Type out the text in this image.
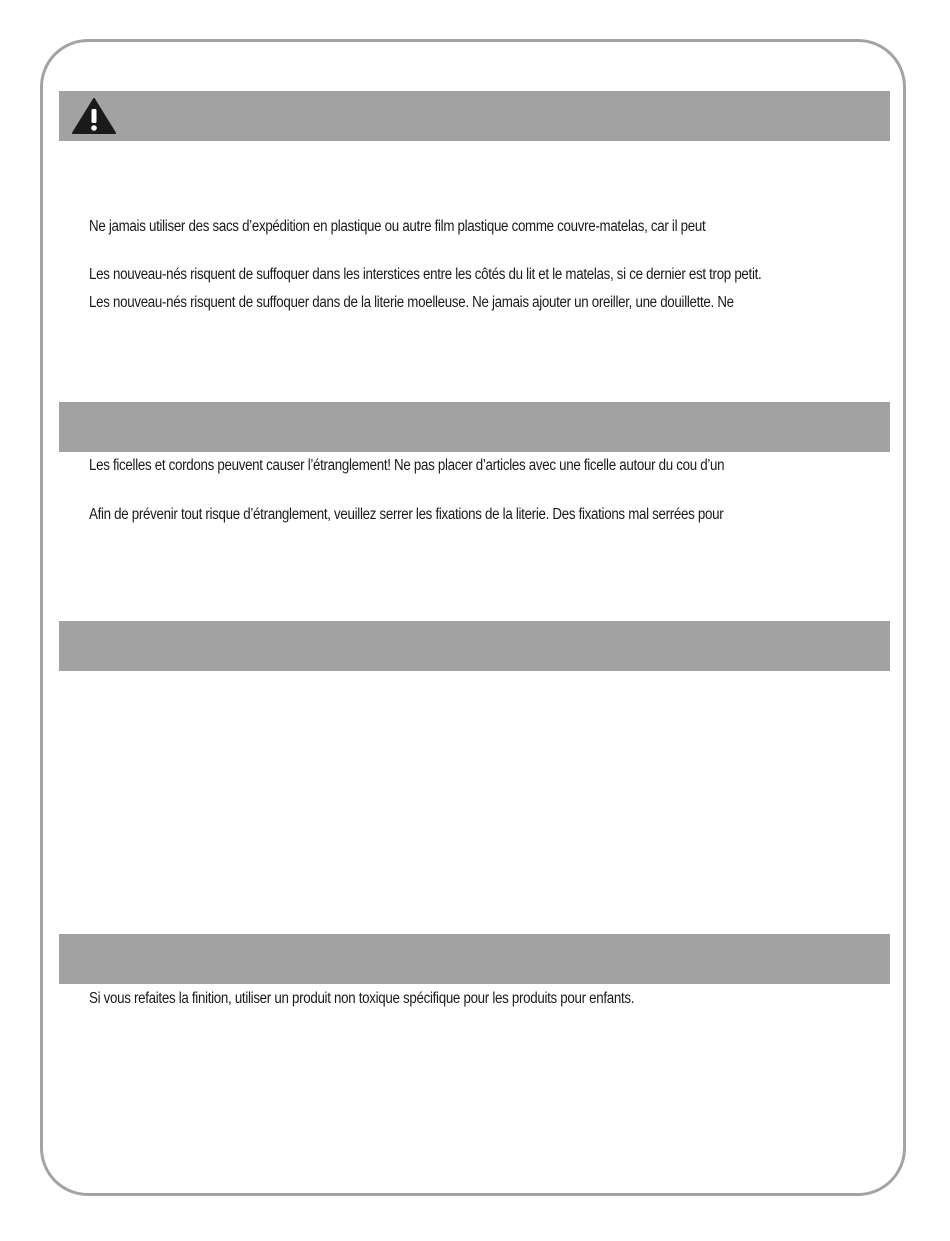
Ne jamais utiliser des sacs d’expédition en plastique ou autre film plastique comme couvre-matelas, car il peut
Les nouveau-nés risquent de suffoquer dans les interstices entre les côtés du lit et le matelas, si ce dernier est trop petit.
Les nouveau-nés risquent de suffoquer dans de la literie moelleuse. Ne jamais ajouter un oreiller, une douillette. Ne
Les ficelles et cordons peuvent causer l’étranglement! Ne pas placer d’articles avec une ficelle autour du cou d’un
Afin de prévenir tout risque d’étranglement, veuillez serrer les fixations de la literie. Des fixations mal serrées pour
Si vous refaites la finition, utiliser un produit non toxique spécifique pour les produits pour enfants.
